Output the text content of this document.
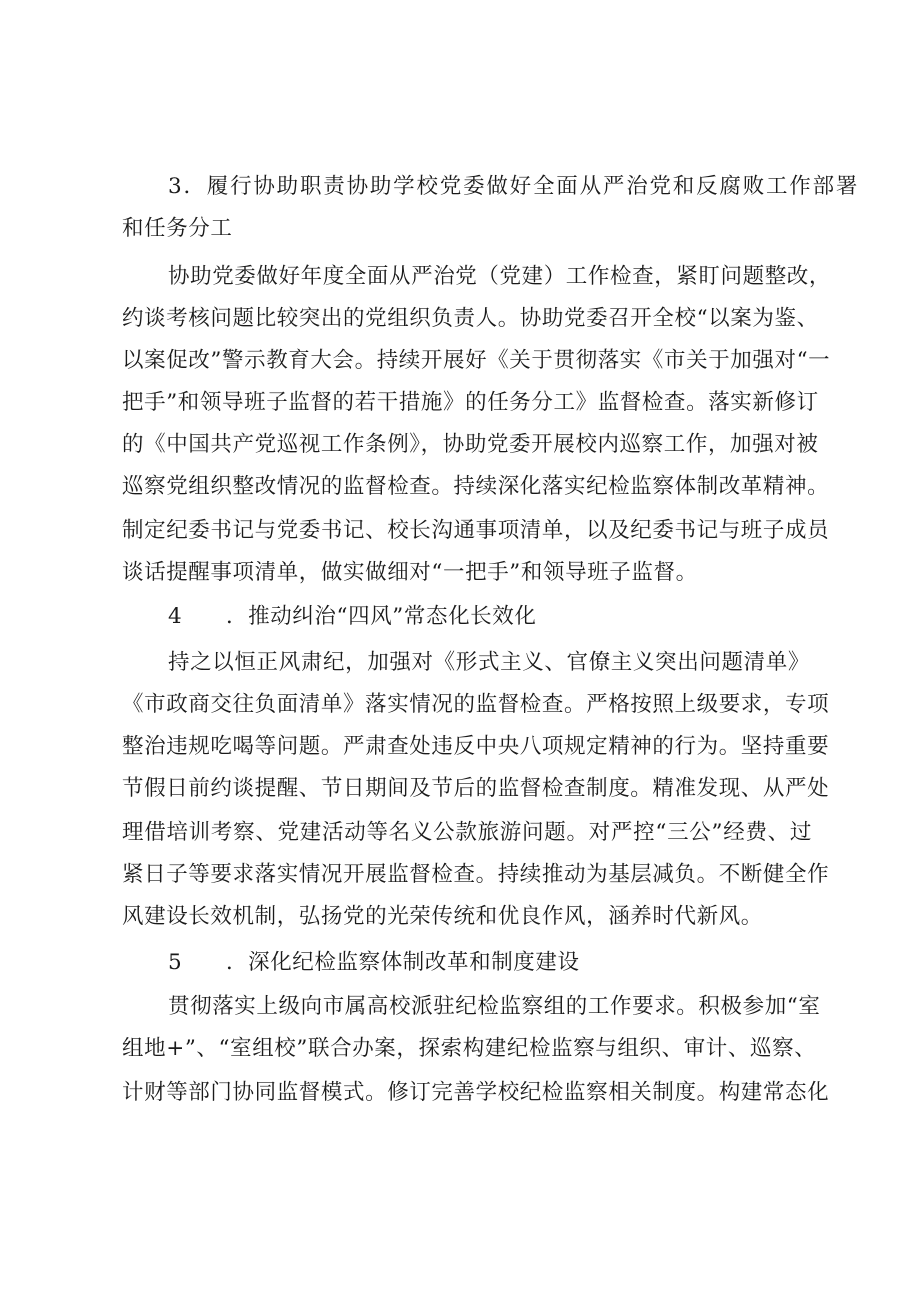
3．履行协助职责协助学校党委做好全面从严治党和反腐败工作部署
和任务分工
协助党委做好年度全面从严治党（党建）工作检查，紧盯问题整改，
约谈考核问题比较突出的党组织负责人。协助党委召开全校“以案为鉴、
以案促改”警示教育大会。持续开展好《关于贯彻落实《市关于加强对“一
把手”和领导班子监督的若干措施》的任务分工》监督检查。落实新修订
的《中国共产党巡视工作条例》，协助党委开展校内巡察工作，加强对被
巡察党组织整改情况的监督检查。持续深化落实纪检监察体制改革精神。
制定纪委书记与党委书记、校长沟通事项清单，以及纪委书记与班子成员
谈话提醒事项清单，做实做细对“一把手”和领导班子监督。
4 ．推动纠治“四风”常态化长效化
持之以恒正风肃纪，加强对《形式主义、官僚主义突出问题清单》
《市政商交往负面清单》落实情况的监督检查。严格按照上级要求，专项
整治违规吃喝等问题。严肃查处违反中央八项规定精神的行为。坚持重要
节假日前约谈提醒、节日期间及节后的监督检查制度。精准发现、从严处
理借培训考察、党建活动等名义公款旅游问题。对严控“三公”经费、过
紧日子等要求落实情况开展监督检查。持续推动为基层减负。不断健全作
风建设长效机制，弘扬党的光荣传统和优良作风，涵养时代新风。
5 ．深化纪检监察体制改革和制度建设
贯彻落实上级向市属高校派驻纪检监察组的工作要求。积极参加“室
组地+”、“室组校”联合办案，探索构建纪检监察与组织、审计、巡察、
计财等部门协同监督模式。修订完善学校纪检监察相关制度。构建常态化
